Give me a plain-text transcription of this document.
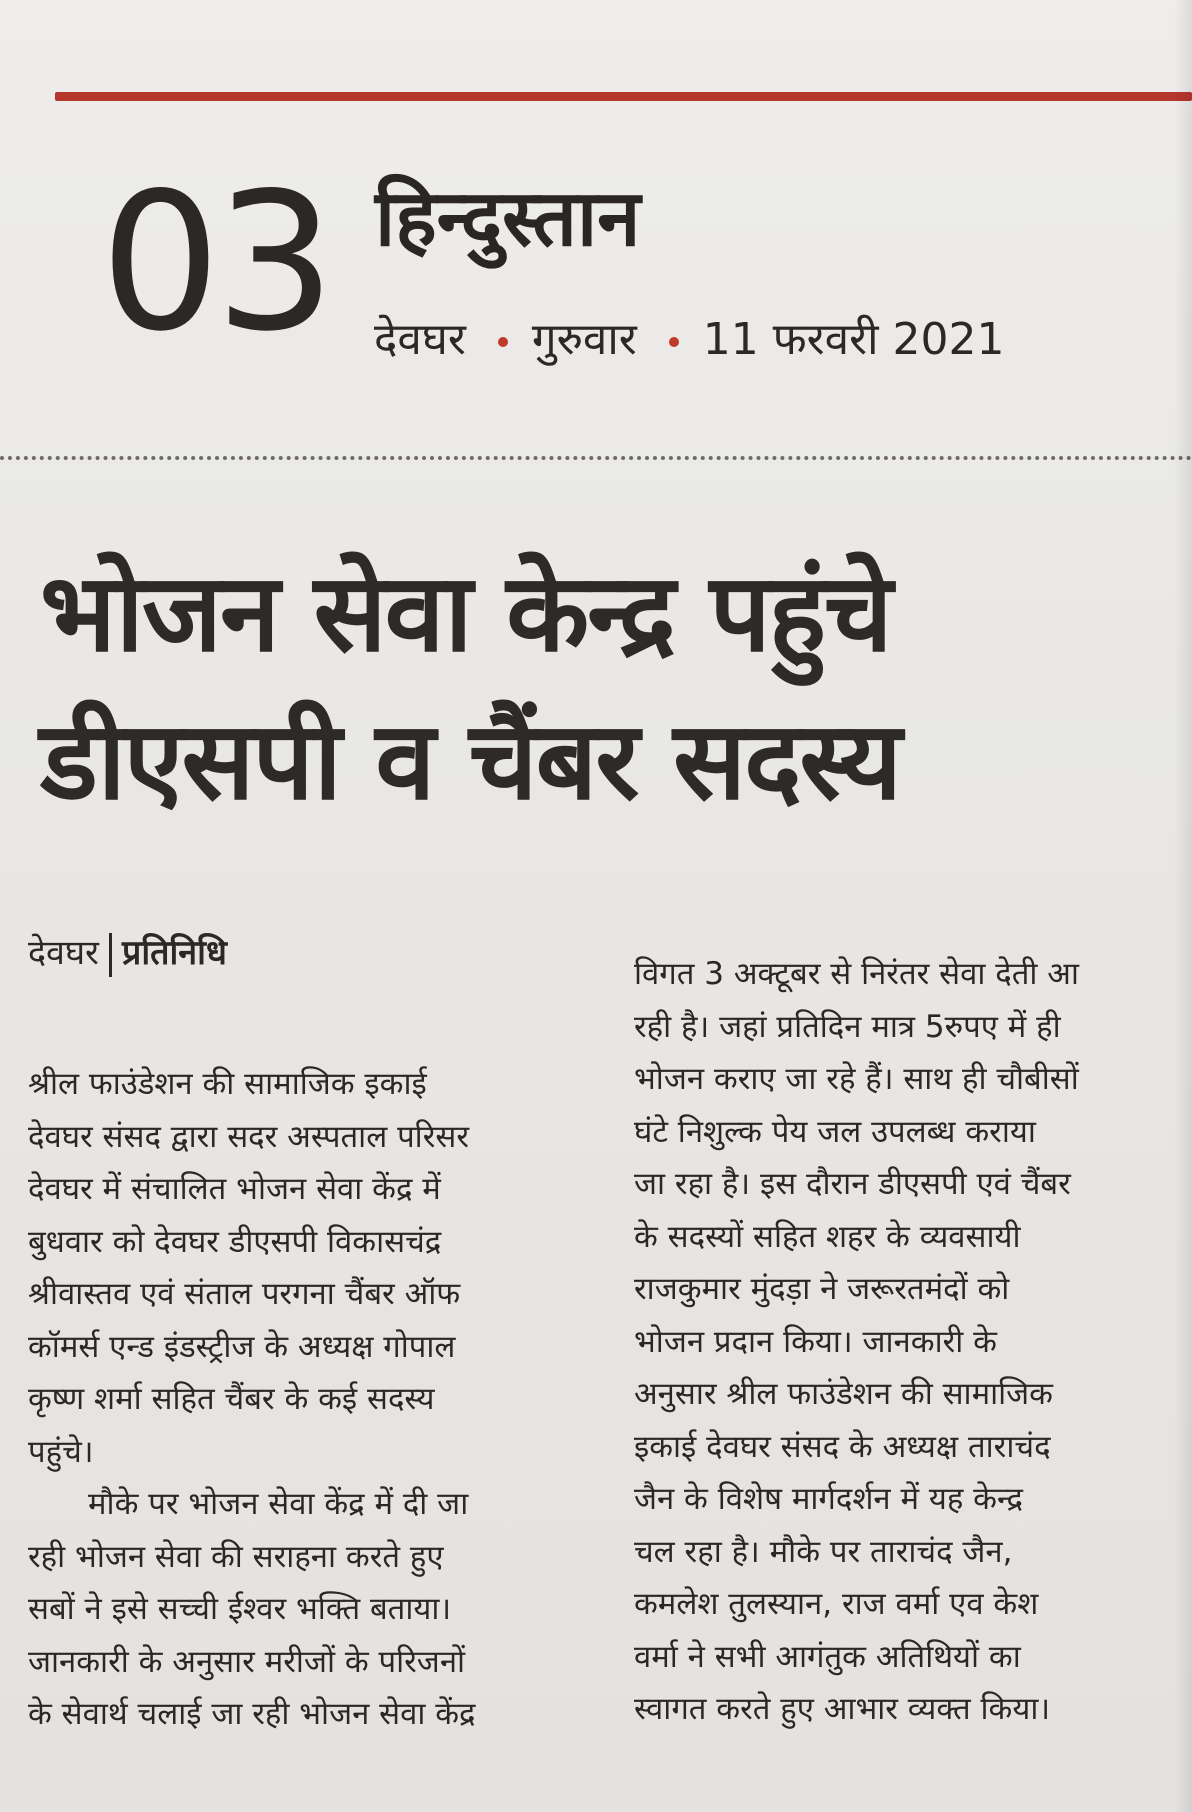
03 हिन्दुस्तान
देवघर गुरुवार 11 फरवरी 2021
भोजन सेवा केन्द्र पहुंचे
डीएसपी व चैंबर सदस्य
देवघर प्रतिनिधि
श्रील फाउंडेशन की सामाजिक इकाई
देवघर संसद द्वारा सदर अस्पताल परिसर
देवघर में संचालित भोजन सेवा केंद्र में
बुधवार को देवघर डीएसपी विकासचंद्र
श्रीवास्तव एवं संताल परगना चैंबर ऑफ
कॉमर्स एन्ड इंडस्ट्रीज के अध्यक्ष गोपाल
कृष्ण शर्मा सहित चैंबर के कई सदस्य
पहुंचे।
मौके पर भोजन सेवा केंद्र में दी जा
रही भोजन सेवा की सराहना करते हुए
सबों ने इसे सच्ची ईश्वर भक्ति बताया।
जानकारी के अनुसार मरीजों के परिजनों
के सेवार्थ चलाई जा रही भोजन सेवा केंद्र
विगत 3 अक्टूबर से निरंतर सेवा देती आ
रही है। जहां प्रतिदिन मात्र 5रुपए में ही
भोजन कराए जा रहे हैं। साथ ही चौबीसों
घंटे निशुल्क पेय जल उपलब्ध कराया
जा रहा है। इस दौरान डीएसपी एवं चैंबर
के सदस्यों सहित शहर के व्यवसायी
राजकुमार मुंदड़ा ने जरूरतमंदों को
भोजन प्रदान किया। जानकारी के
अनुसार श्रील फाउंडेशन की सामाजिक
इकाई देवघर संसद के अध्यक्ष ताराचंद
जैन के विशेष मार्गदर्शन में यह केन्द्र
चल रहा है। मौके पर ताराचंद जैन,
कमलेश तुलस्यान, राज वर्मा एव केश
वर्मा ने सभी आगंतुक अतिथियों का
स्वागत करते हुए आभार व्यक्त किया।
